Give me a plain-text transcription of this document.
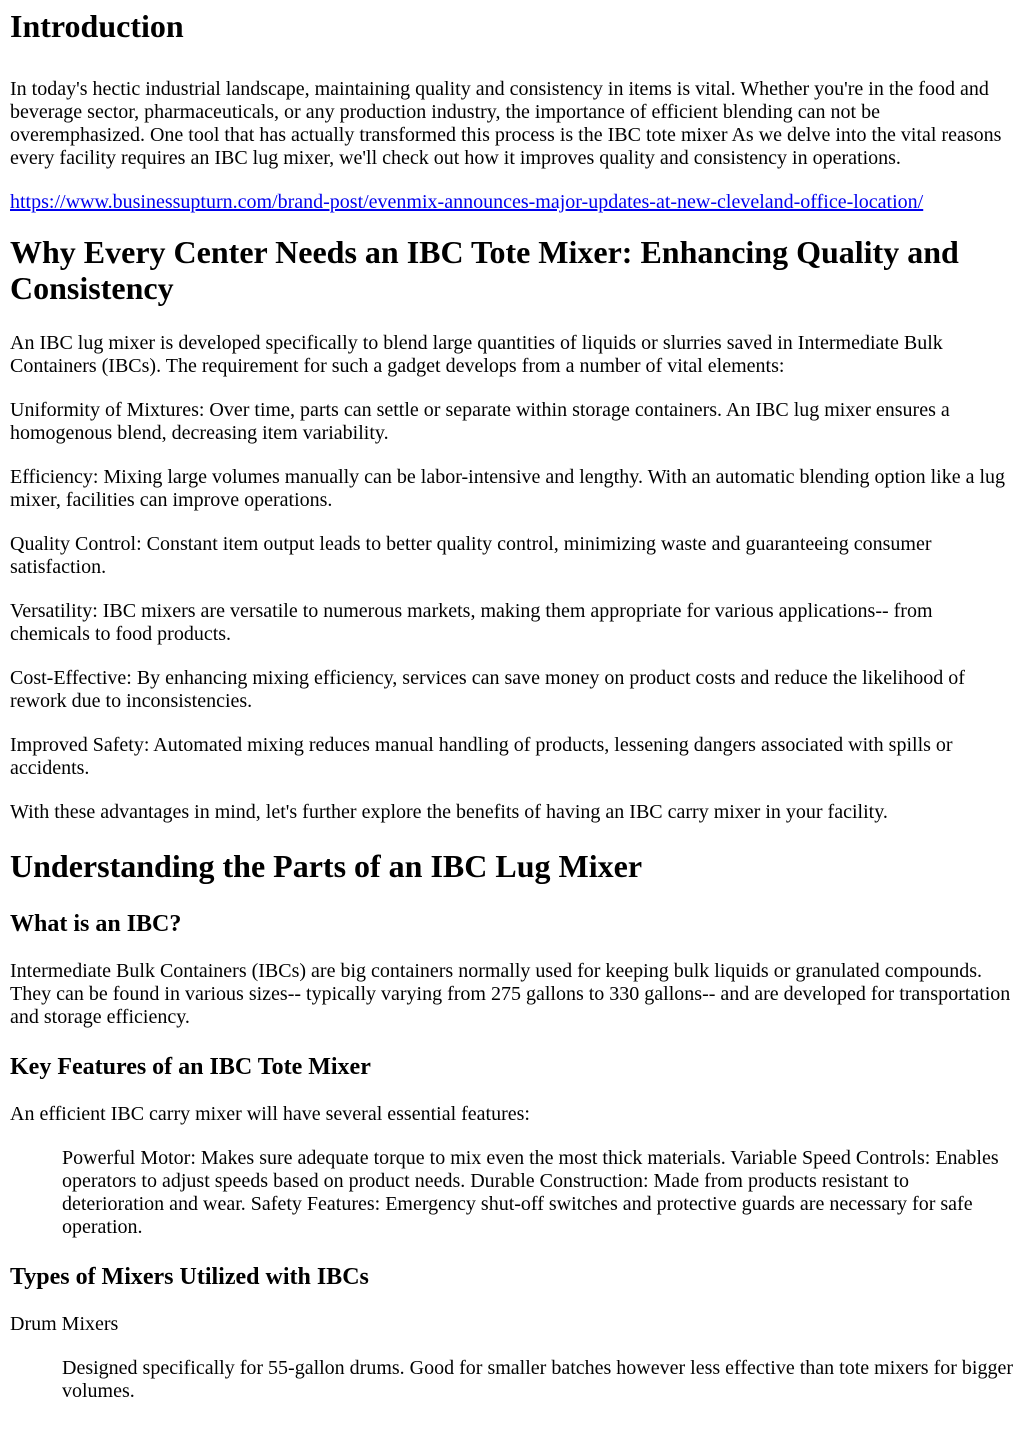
Introduction

In today's hectic industrial landscape, maintaining quality and consistency in items is vital. Whether you're in the food and beverage sector, pharmaceuticals, or any production industry, the importance of efficient blending can not be overemphasized. One tool that has actually transformed this process is the IBC tote mixer As we delve into the vital reasons every facility requires an IBC lug mixer, we'll check out how it improves quality and consistency in operations.

https://www.businessupturn.com/brand-post/evenmix-announces-major-updates-at-new-cleveland-office-location/

Why Every Center Needs an IBC Tote Mixer: Enhancing Quality and Consistency

An IBC lug mixer is developed specifically to blend large quantities of liquids or slurries saved in Intermediate Bulk Containers (IBCs). The requirement for such a gadget develops from a number of vital elements:

Uniformity of Mixtures: Over time, parts can settle or separate within storage containers. An IBC lug mixer ensures a homogenous blend, decreasing item variability.

Efficiency: Mixing large volumes manually can be labor-intensive and lengthy. With an automatic blending option like a lug mixer, facilities can improve operations.

Quality Control: Constant item output leads to better quality control, minimizing waste and guaranteeing consumer satisfaction.

Versatility: IBC mixers are versatile to numerous markets, making them appropriate for various applications-- from chemicals to food products.

Cost-Effective: By enhancing mixing efficiency, services can save money on product costs and reduce the likelihood of rework due to inconsistencies.

Improved Safety: Automated mixing reduces manual handling of products, lessening dangers associated with spills or accidents.

With these advantages in mind, let's further explore the benefits of having an IBC carry mixer in your facility.

Understanding the Parts of an IBC Lug Mixer
What is an IBC?

Intermediate Bulk Containers (IBCs) are big containers normally used for keeping bulk liquids or granulated compounds. They can be found in various sizes-- typically varying from 275 gallons to 330 gallons-- and are developed for transportation and storage efficiency.

Key Features of an IBC Tote Mixer

An efficient IBC carry mixer will have several essential features:

Powerful Motor: Makes sure adequate torque to mix even the most thick materials. Variable Speed Controls: Enables operators to adjust speeds based on product needs. Durable Construction: Made from products resistant to deterioration and wear. Safety Features: Emergency shut-off switches and protective guards are necessary for safe operation.
Types of Mixers Utilized with IBCs

Drum Mixers

Designed specifically for 55-gallon drums. Good for smaller batches however less effective than tote mixers for bigger volumes.
